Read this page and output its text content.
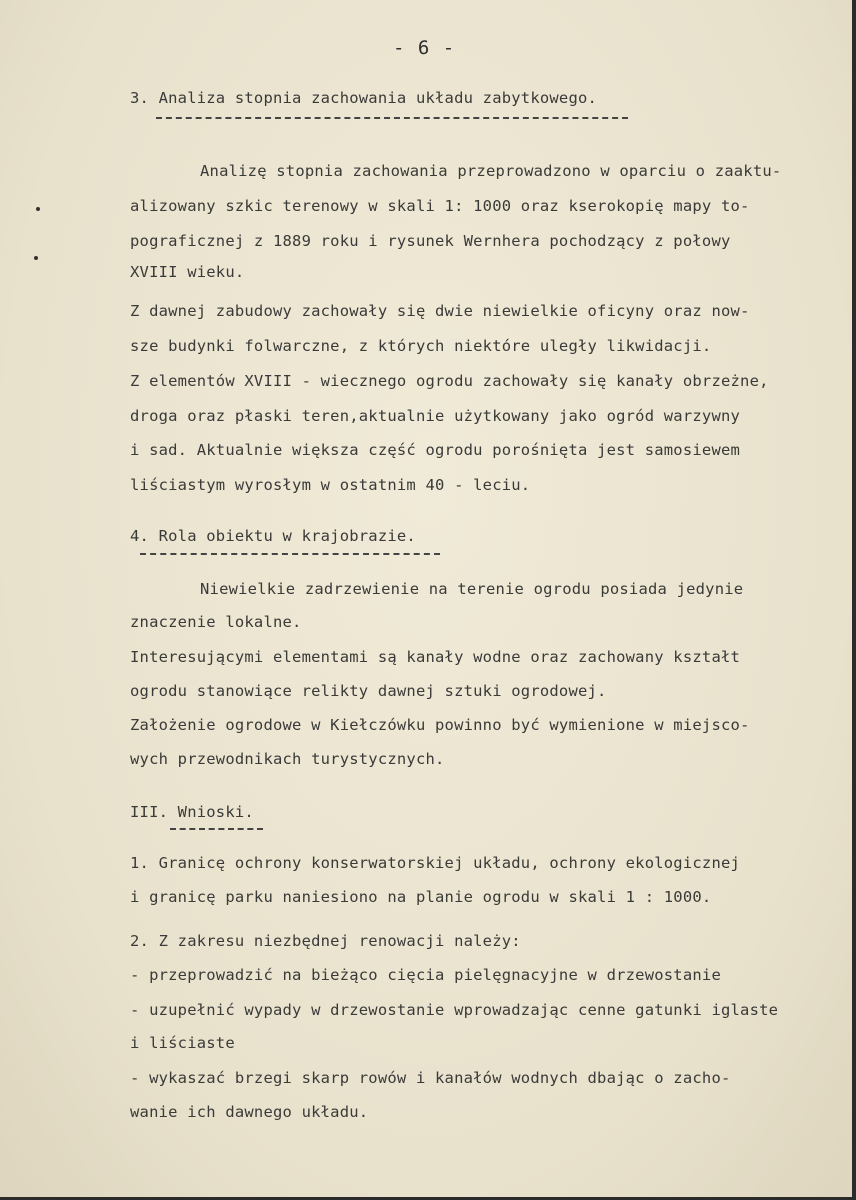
- 6 -
3. Analiza stopnia zachowania układu zabytkowego.
Analizę stopnia zachowania przeprowadzono w oparciu o zaaktu-
alizowany szkic terenowy w skali 1: 1000 oraz kserokopię mapy to-
pograficznej z 1889 roku i rysunek Wernhera pochodzący z połowy
XVIII wieku.
Z dawnej zabudowy zachowały się dwie niewielkie oficyny oraz now-
sze budynki folwarczne, z których niektóre uległy likwidacji.
Z elementów XVIII - wiecznego ogrodu zachowały się kanały obrzeżne,
droga oraz płaski teren,aktualnie użytkowany jako ogród warzywny
i sad. Aktualnie większa część ogrodu porośnięta jest samosiewem
liściastym wyrosłym w ostatnim 40 - leciu.
4. Rola obiektu w krajobrazie.
Niewielkie zadrzewienie na terenie ogrodu posiada jedynie
znaczenie lokalne.
Interesującymi elementami są kanały wodne oraz zachowany kształt
ogrodu stanowiące relikty dawnej sztuki ogrodowej.
Założenie ogrodowe w Kiełczówku powinno być wymienione w miejsco-
wych przewodnikach turystycznych.
III. Wnioski.
1. Granicę ochrony konserwatorskiej układu, ochrony ekologicznej
i granicę parku naniesiono na planie ogrodu w skali 1 : 1000.
2. Z zakresu niezbędnej renowacji należy:
- przeprowadzić na bieżąco cięcia pielęgnacyjne w drzewostanie
- uzupełnić wypady w drzewostanie wprowadzając cenne gatunki iglaste
i liściaste
- wykaszać brzegi skarp rowów i kanałów wodnych dbając o zacho-
wanie ich dawnego układu.
